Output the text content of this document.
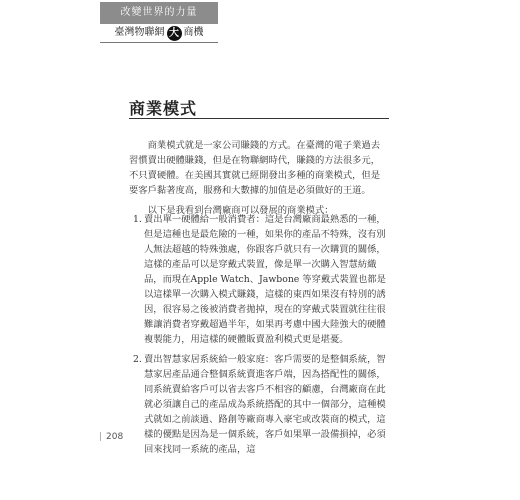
改變世界的力量
臺灣物聯網 大 商機
商業模式

商業模式就是一家公司賺錢的方式。在臺灣的電子業過去習慣賣出硬體賺錢，但是在物聯網時代，賺錢的方法很多元，不只賣硬體。在美國其實就已經開發出多種的商業模式，但是要客戶黏著度高，服務和大數據的加值是必須做好的王道。

以下是我看到台灣廠商可以發展的商業模式：

1. 賣出單一硬體給一般消費者：這是台灣廠商最熟悉的一種，但是這種也是最危險的一種，如果你的產品不特殊，沒有別人無法超越的特殊強處，你跟客戶就只有一次購買的關係，這樣的產品可以是穿戴式裝置，像是單一次購入智慧紡織品，而現在Apple Watch、Jawbone 等穿戴式裝置也都是以這樣單一次購入模式賺錢，這樣的東西如果沒有特別的誘因，很容易之後被消費者拋掉，現在的穿戴式裝置就往往很難讓消費者穿戴超過半年，如果再考慮中國大陸強大的硬體複製能力，用這樣的硬體販賣盈利模式更是堪憂。
2. 賣出智慧家居系統給一般家庭：客戶需要的是整個系統，智慧家居產品通合整個系統賣進客戶端，因為搭配性的關係，同系統賣給客戶可以省去客戶不相容的顧慮，台灣廠商在此就必須讓自己的產品成為系統搭配的其中一個部分，這種模式就如之前談過、路創等廠商專入豪宅或改裝商的模式，這樣的優點是因為是一個系統，客戶如果單一設備損掉，必須回來找同一系統的產品，這
| 208
